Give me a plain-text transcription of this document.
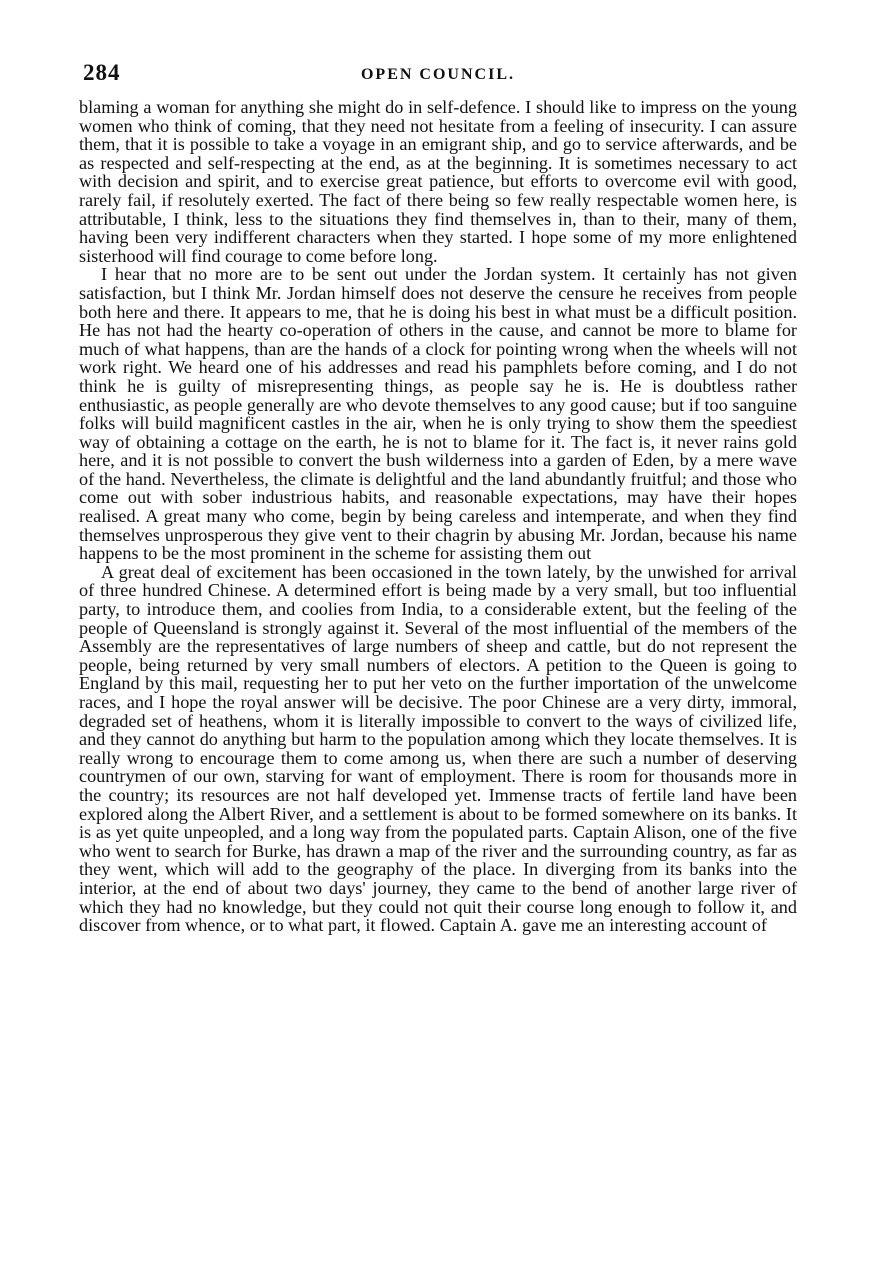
284	OPEN COUNCIL.

blaming a woman for anything she might do in self-defence. I should like to impress on the young women who think of coming, that they need not hesitate from a feeling of insecurity. I can assure them, that it is possible to take a voyage in an emigrant ship, and go to service afterwards, and be as respected and self-respecting at the end, as at the beginning. It is sometimes necessary to act with decision and spirit, and to exercise great patience, but efforts to overcome evil with good, rarely fail, if resolutely exerted. The fact of there being so few really respectable women here, is attributable, I think, less to the situations they find themselves in, than to their, many of them, having been very indifferent characters when they started. I hope some of my more enlightened sisterhood will find courage to come before long.

I hear that no more are to be sent out under the Jordan system. It certainly has not given satisfaction, but I think Mr. Jordan himself does not deserve the censure he receives from people both here and there. It appears to me, that he is doing his best in what must be a difficult position. He has not had the hearty co-operation of others in the cause, and cannot be more to blame for much of what happens, than are the hands of a clock for pointing wrong when the wheels will not work right. We heard one of his addresses and read his pamphlets before coming, and I do not think he is guilty of misrepresenting things, as people say he is. He is doubtless rather enthusiastic, as people generally are who devote themselves to any good cause; but if too sanguine folks will build magnificent castles in the air, when he is only trying to show them the speediest way of obtaining a cottage on the earth, he is not to blame for it. The fact is, it never rains gold here, and it is not possible to convert the bush wilderness into a garden of Eden, by a mere wave of the hand. Nevertheless, the climate is delightful and the land abundantly fruitful; and those who come out with sober industrious habits, and reasonable expectations, may have their hopes realised. A great many who come, begin by being careless and intemperate, and when they find themselves unprosperous they give vent to their chagrin by abusing Mr. Jordan, because his name happens to be the most prominent in the scheme for assisting them out

A great deal of excitement has been occasioned in the town lately, by the unwished for arrival of three hundred Chinese. A determined effort is being made by a very small, but too influential party, to introduce them, and coolies from India, to a considerable extent, but the feeling of the people of Queensland is strongly against it. Several of the most influential of the members of the Assembly are the representatives of large numbers of sheep and cattle, but do not represent the people, being returned by very small numbers of electors. A petition to the Queen is going to England by this mail, requesting her to put her veto on the further importation of the unwelcome races, and I hope the royal answer will be decisive. The poor Chinese are a very dirty, immoral, degraded set of heathens, whom it is literally impossible to convert to the ways of civilized life, and they cannot do anything but harm to the population among which they locate themselves. It is really wrong to encourage them to come among us, when there are such a number of deserving countrymen of our own, starving for want of employment. There is room for thousands more in the country; its resources are not half developed yet. Immense tracts of fertile land have been explored along the Albert River, and a settlement is about to be formed somewhere on its banks. It is as yet quite unpeopled, and a long way from the populated parts. Captain Alison, one of the five who went to search for Burke, has drawn a map of the river and the surrounding country, as far as they went, which will add to the geography of the place. In diverging from its banks into the interior, at the end of about two days' journey, they came to the bend of another large river of which they had no knowledge, but they could not quit their course long enough to follow it, and discover from whence, or to what part, it flowed. Captain A. gave me an interesting account of
